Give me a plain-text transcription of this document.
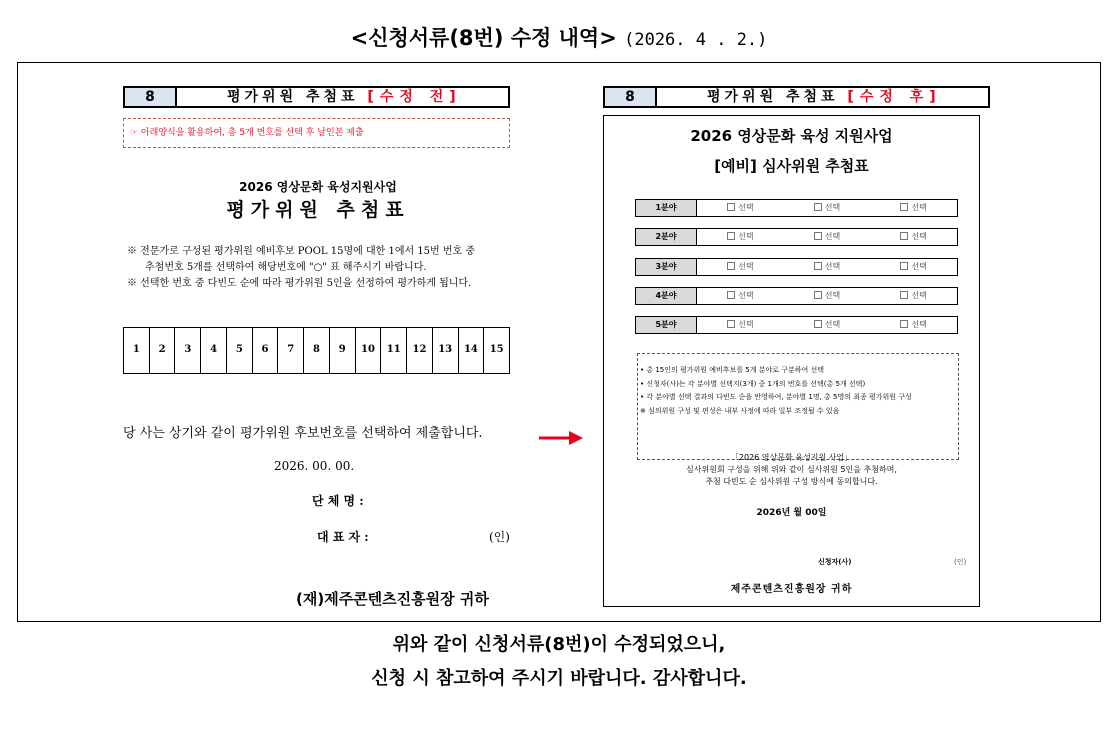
<신청서류(8번) 수정 내역> (2026. 4 . 2.)
8	평가위원 추첨표 [수정 전]
☞ 아래양식을 활용하여, 총 5개 번호를 선택 후 날인본 제출
2026 영상문화 육성지원사업
평가위원 추첨표
※ 전문가로 구성된 평가위원 예비후보 POOL 15명에 대한 1에서 15번 번호 중
추첨번호 5개를 선택하여 해당번호에 "○" 표 해주시기 바랍니다.
※ 선택한 번호 중 다빈도 순에 따라 평가위원 5인을 선정하여 평가하게 됩니다.
1	2	3	4	5	6	7	8	9	10	11	12	13	14	15
당 사는 상기와 같이 평가위원 후보번호를 선택하여 제출합니다.
2026. 00. 00.
단 체 명 :
대 표 자 :	(인)
(재)제주콘텐츠진흥원장 귀하
8	평가위원 추첨표 [수정 후]
2026 영상문화 육성 지원사업
[예비] 심사위원 추첨표
1분야	선택	선택	선택
2분야	선택	선택	선택
3분야	선택	선택	선택
4분야	선택	선택	선택
5분야	선택	선택	선택
• 총 15인의 평가위원 예비후보를 5개 분야로 구분하여 선택
• 신청자(사)는 각 분야별 선택지(3개) 중 1개의 번호를 선택(총 5개 선택)
• 각 분야별 선택 결과의 다빈도 순을 반영하여, 분야별 1명, 총 5명의 최종 평가위원 구성
※ 심의위원 구성 및 편성은 내부 사정에 따라 일부 조정될 수 있음
「2026 영상문화 육성지원 사업」
심사위원회 구성을 위해 위와 같이 심사위원 5인을 추첨하며,
추첨 다빈도 순 심사위원 구성 방식에 동의합니다.
2026년 월 00일
신청자(사)	(인)
제주콘텐츠진흥원장 귀하
위와 같이 신청서류(8번)이 수정되었으니,
신청 시 참고하여 주시기 바랍니다. 감사합니다.
